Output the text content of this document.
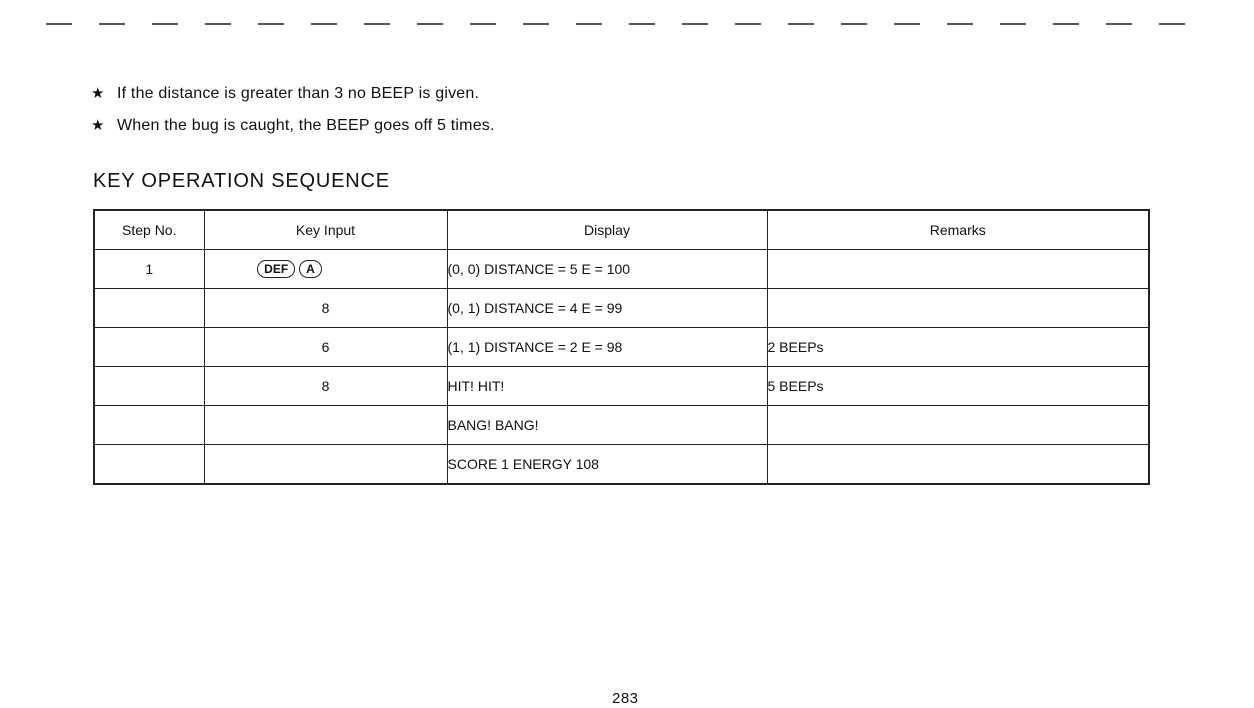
★ If the distance is greater than 3 no BEEP is given.
★ When the bug is caught, the BEEP goes off 5 times.
KEY OPERATION SEQUENCE
Step No.	Key Input	Display	Remarks
1	DEF A	(0, 0) DISTANCE = 5 E = 100	
	8	(0, 1) DISTANCE = 4 E = 99	
	6	(1, 1) DISTANCE = 2 E = 98	2 BEEPs
	8	HIT! HIT!	5 BEEPs
		BANG! BANG!	
		SCORE 1 ENERGY 108	
283
